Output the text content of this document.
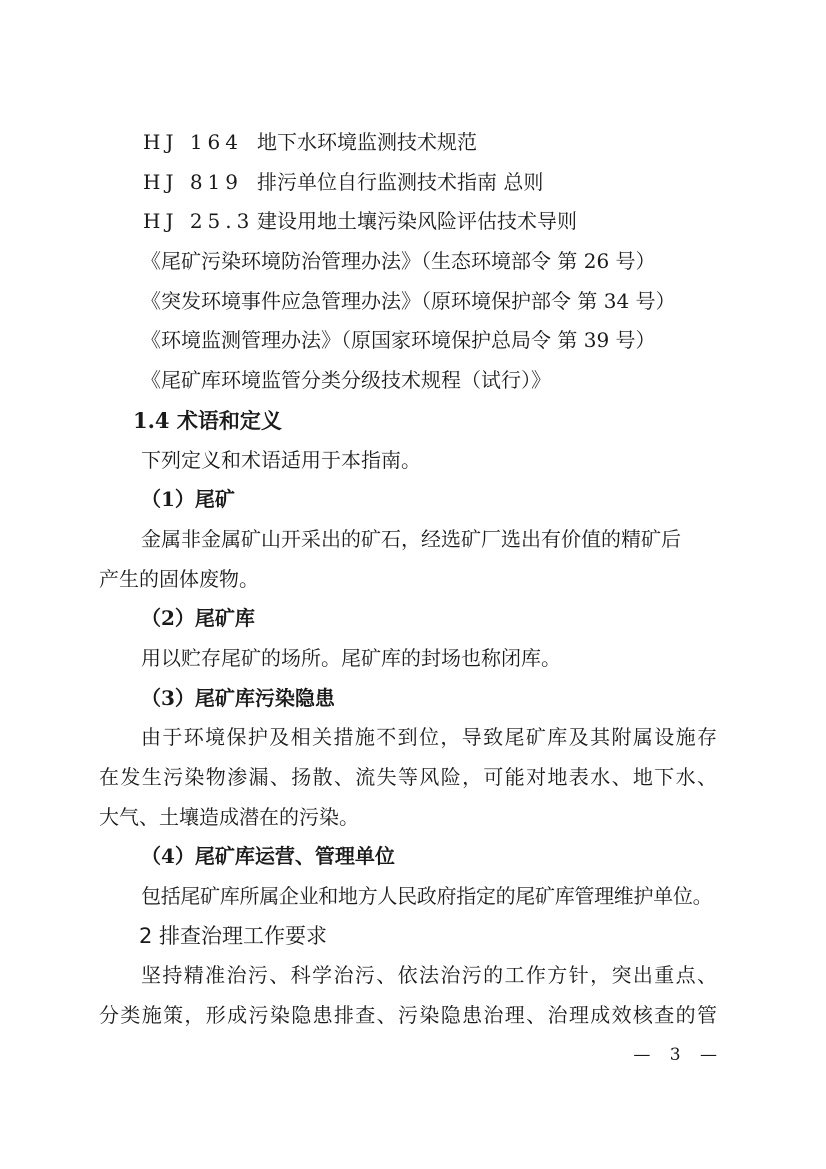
HJ 164 地下水环境监测技术规范
HJ 819 排污单位自行监测技术指南 总则
HJ 25.3 建设用地土壤污染风险评估技术导则
《尾矿污染环境防治管理办法》（生态环境部令 第 26 号）
《突发环境事件应急管理办法》（原环境保护部令 第 34 号）
《环境监测管理办法》（原国家环境保护总局令 第 39 号）
《尾矿库环境监管分类分级技术规程（试行）》
1.4 术语和定义
下列定义和术语适用于本指南。
（1）尾矿
金属非金属矿山开采出的矿石，经选矿厂选出有价值的精矿后
产生的固体废物。
（2）尾矿库
用以贮存尾矿的场所。尾矿库的封场也称闭库。
（3）尾矿库污染隐患
由于环境保护及相关措施不到位，导致尾矿库及其附属设施存
在发生污染物渗漏、扬散、流失等风险，可能对地表水、地下水、
大气、土壤造成潜在的污染。
（4）尾矿库运营、管理单位
包括尾矿库所属企业和地方人民政府指定的尾矿库管理维护单位。
2 排查治理工作要求
坚持精准治污、科学治污、依法治污的工作方针，突出重点、
分类施策，形成污染隐患排查、污染隐患治理、治理成效核查的管
— 3 —
